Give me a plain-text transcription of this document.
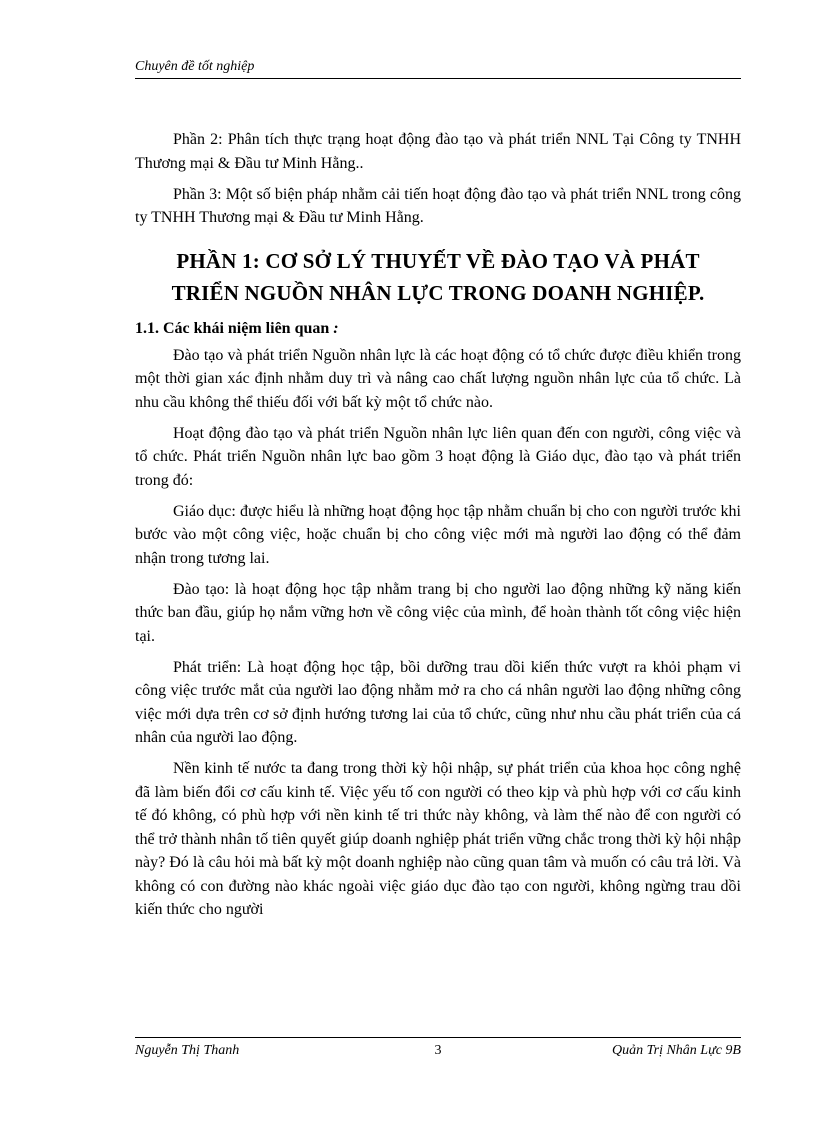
Chuyên đề tốt nghiệp

Phần 2: Phân tích thực trạng hoạt động đào tạo và phát triển NNL Tại Công ty TNHH Thương mại & Đầu tư Minh Hằng..

Phần 3: Một số biện pháp nhằm cải tiến hoạt động đào tạo và phát triển NNL trong công ty TNHH Thương mại & Đầu tư Minh Hằng.

PHẦN 1: CƠ SỞ LÝ THUYẾT VỀ ĐÀO TẠO VÀ PHÁT
TRIỂN NGUỒN NHÂN LỰC TRONG DOANH NGHIỆP.
1.1. Các khái niệm liên quan :

Đào tạo và phát triển Nguồn nhân lực là các hoạt động có tổ chức được điều khiển trong một thời gian xác định nhằm duy trì và nâng cao chất lượng nguồn nhân lực của tổ chức. Là nhu cầu không thể thiếu đối với bất kỳ một tổ chức nào.

Hoạt động đào tạo và phát triển Nguồn nhân lực liên quan đến con người, công việc và tổ chức. Phát triển Nguồn nhân lực bao gồm 3 hoạt động là Giáo dục, đào tạo và phát triển trong đó:

Giáo dục: được hiểu là những hoạt động học tập nhằm chuẩn bị cho con người trước khi bước vào một công việc, hoặc chuẩn bị cho công việc mới mà người lao động có thể đảm nhận trong tương lai.

Đào tạo: là hoạt động học tập nhằm trang bị cho người lao động những kỹ năng kiến thức ban đầu, giúp họ nắm vững hơn về công việc của mình, để hoàn thành tốt công việc hiện tại.

Phát triển: Là hoạt động học tập, bồi dưỡng trau dồi kiến thức vượt ra khỏi phạm vi công việc trước mắt của người lao động nhằm mở ra cho cá nhân người lao động những công việc mới dựa trên cơ sở định hướng tương lai của tổ chức, cũng như nhu cầu phát triển của cá nhân của người lao động.

Nền kinh tế nước ta đang trong thời kỳ hội nhập, sự phát triển của khoa học công nghệ đã làm biến đổi cơ cấu kinh tế. Việc yếu tố con người có theo kịp và phù hợp với cơ cấu kinh tế đó không, có phù hợp với nền kinh tế tri thức này không, và làm thế nào để con người có thể trở thành nhân tố tiên quyết giúp doanh nghiệp phát triển vững chắc trong thời kỳ hội nhập này? Đó là câu hỏi mà bất kỳ một doanh nghiệp nào cũng quan tâm và muốn có câu trả lời. Và không có con đường nào khác ngoài việc giáo dục đào tạo con người, không ngừng trau dồi kiến thức cho người

Nguyễn Thị Thanh	3	Quản Trị Nhân Lực 9B
